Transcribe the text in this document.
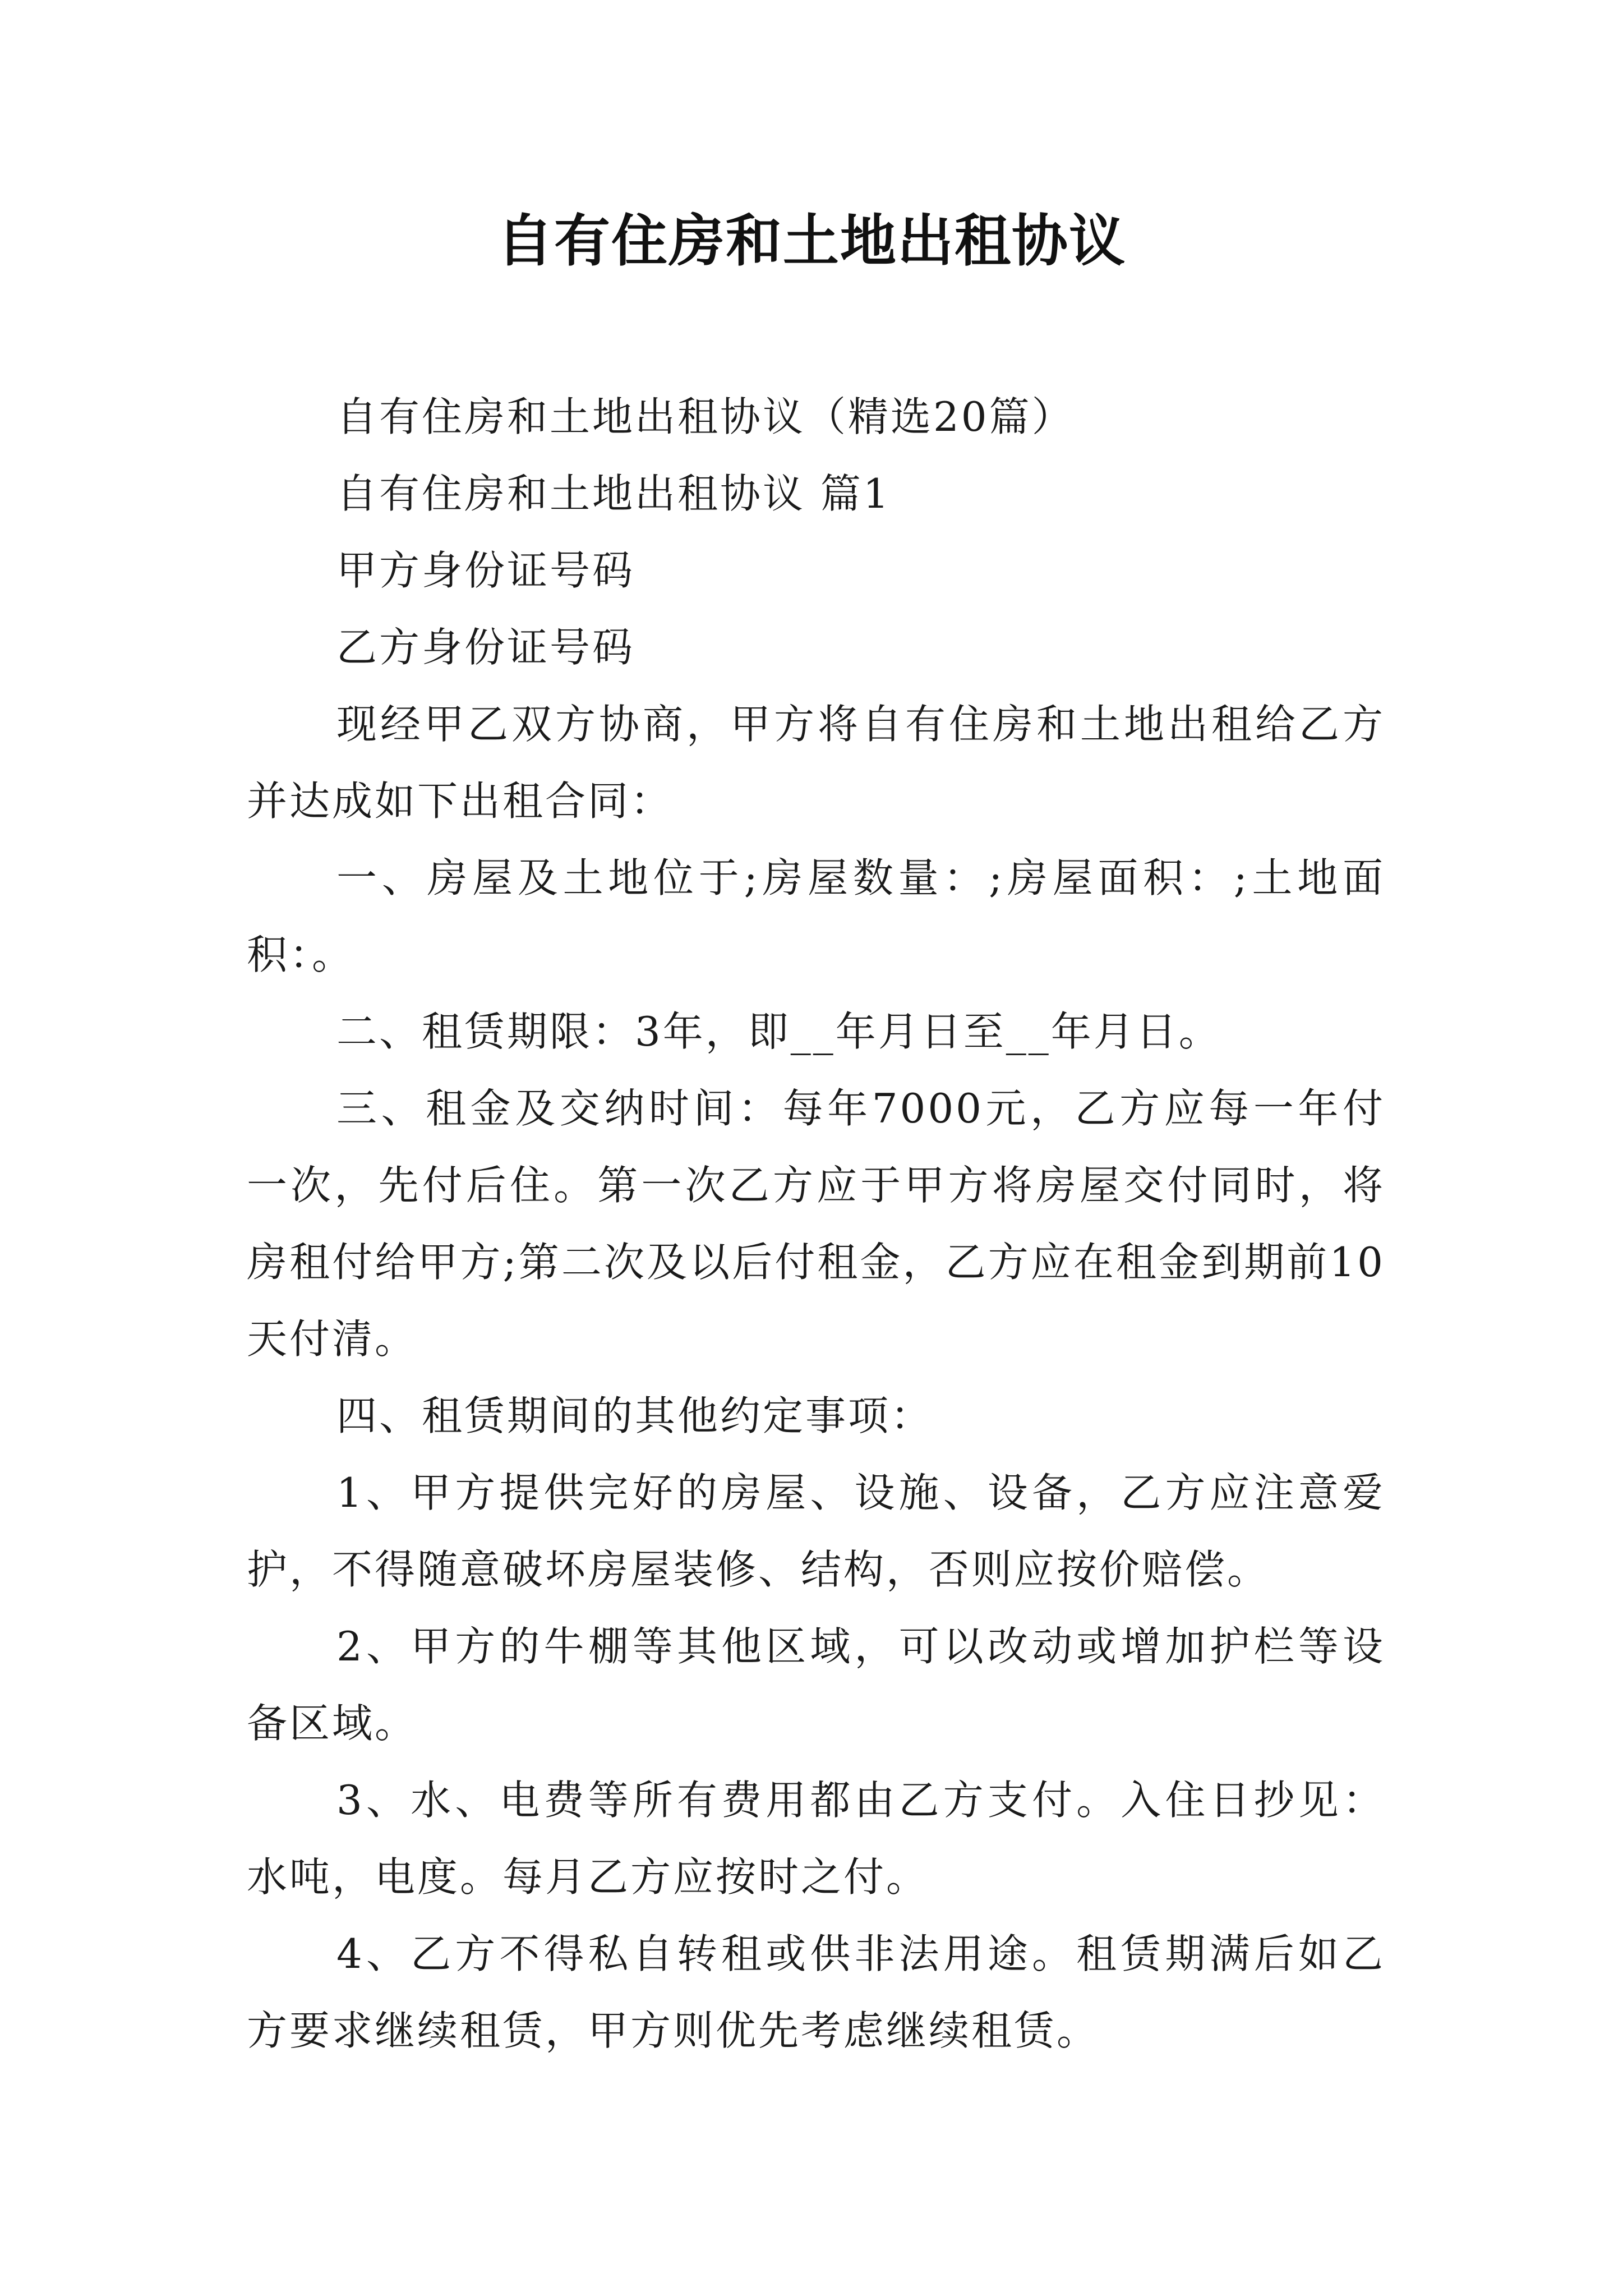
自有住房和土地出租协议

自有住房和土地出租协议（精选20篇）

自有住房和土地出租协议 篇1

甲方身份证号码

乙方身份证号码

现经甲乙双方协商，甲方将自有住房和土地出租给乙方并达成如下出租合同：

一、房屋及土地位于;房屋数量：;房屋面积：;土地面积：。

二、租赁期限：3年，即__年月日至__年月日。

三、租金及交纳时间：每年7000元，乙方应每一年付一次，先付后住。第一次乙方应于甲方将房屋交付同时，将房租付给甲方;第二次及以后付租金，乙方应在租金到期前10天付清。

四、租赁期间的其他约定事项：

1、甲方提供完好的房屋、设施、设备，乙方应注意爱护，不得随意破坏房屋装修、结构，否则应按价赔偿。

2、甲方的牛棚等其他区域，可以改动或增加护栏等设备区域。

3、水、电费等所有费用都由乙方支付。入住日抄见：水吨，电度。每月乙方应按时之付。

4、乙方不得私自转租或供非法用途。租赁期满后如乙方要求继续租赁，甲方则优先考虑继续租赁。
